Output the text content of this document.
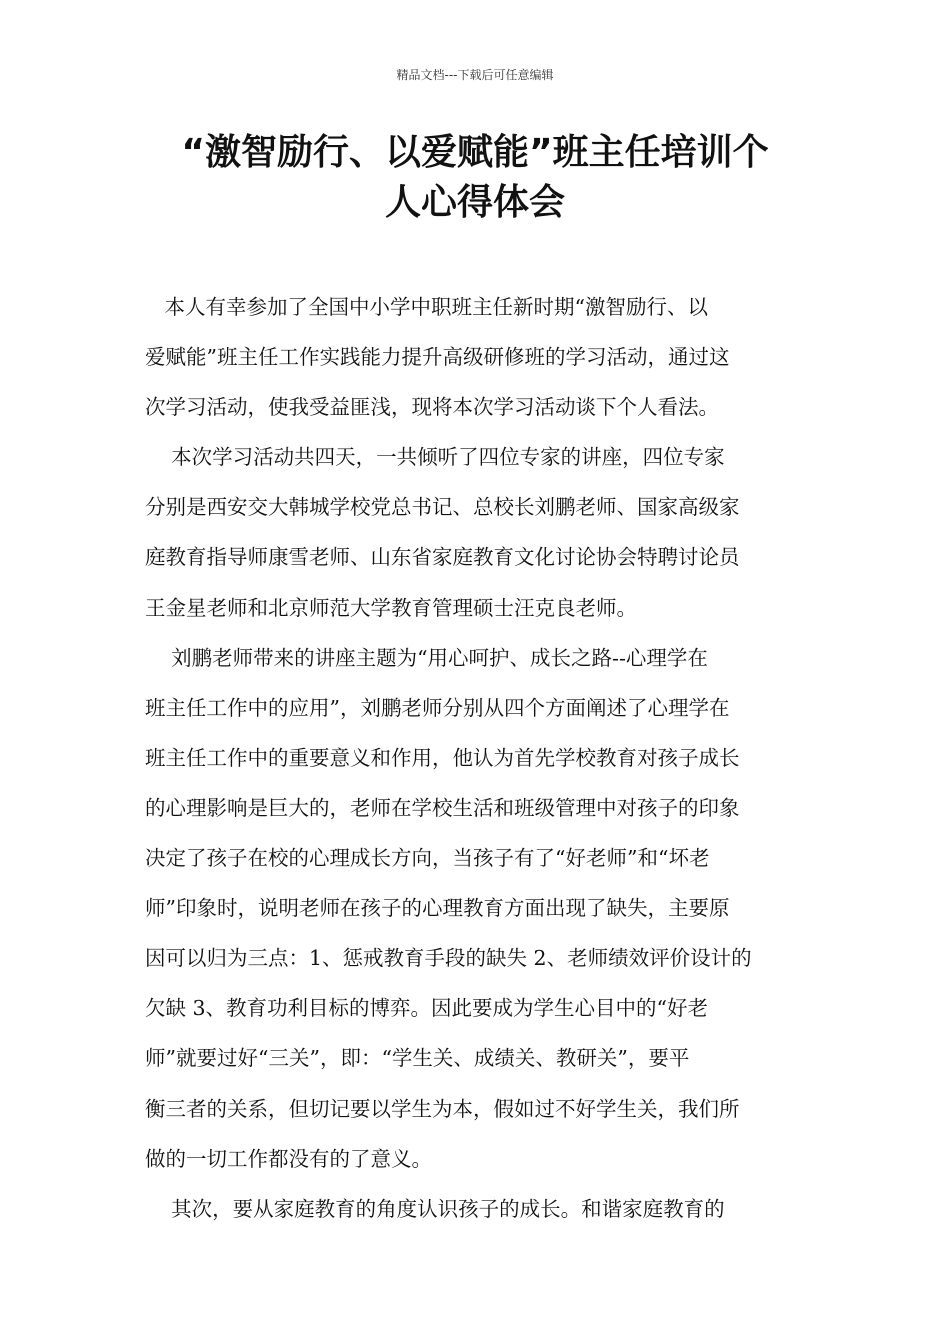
精品文档---下载后可任意编辑
“激智励行、以爱赋能”班主任培训个
人心得体会
本人有幸参加了全国中小学中职班主任新时期“激智励行、以
爱赋能”班主任工作实践能力提升高级研修班的学习活动，通过这
次学习活动，使我受益匪浅，现将本次学习活动谈下个人看法。
本次学习活动共四天，一共倾听了四位专家的讲座，四位专家
分别是西安交大韩城学校党总书记、总校长刘鹏老师、国家高级家
庭教育指导师康雪老师、山东省家庭教育文化讨论协会特聘讨论员
王金星老师和北京师范大学教育管理硕士汪克良老师。
刘鹏老师带来的讲座主题为“用心呵护、成长之路--心理学在
班主任工作中的应用”，刘鹏老师分别从四个方面阐述了心理学在
班主任工作中的重要意义和作用，他认为首先学校教育对孩子成长
的心理影响是巨大的，老师在学校生活和班级管理中对孩子的印象
决定了孩子在校的心理成长方向，当孩子有了“好老师”和“坏老
师”印象时，说明老师在孩子的心理教育方面出现了缺失，主要原
因可以归为三点：1、惩戒教育手段的缺失 2、老师绩效评价设计的
欠缺 3、教育功利目标的博弈。因此要成为学生心目中的“好老
师”就要过好“三关”，即：“学生关、成绩关、教研关”，要平
衡三者的关系，但切记要以学生为本，假如过不好学生关，我们所
做的一切工作都没有的了意义。
其次，要从家庭教育的角度认识孩子的成长。和谐家庭教育的
